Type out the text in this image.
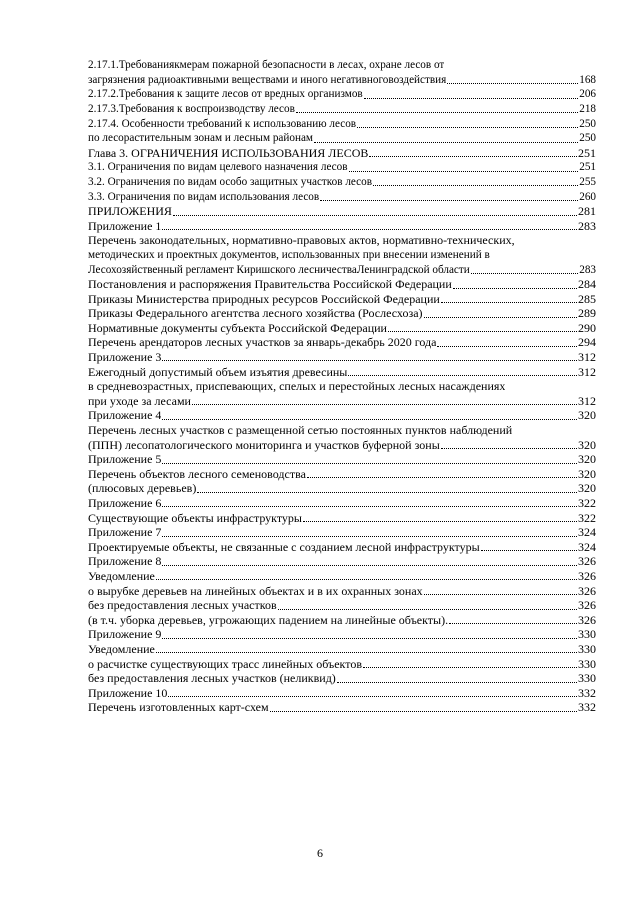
2.17.1.Требованиякмерам пожарной безопасности в лесах, охране лесов от
загрязнения радиоактивными веществами и иного негативноговоздействия	168
2.17.2.Требования к защите лесов от вредных организмов	206
2.17.3.Требования к воспроизводству лесов	218
2.17.4. Особенности требований к использованию лесов	250
по лесорастительным зонам и лесным районам	250
Глава 3. ОГРАНИЧЕНИЯ ИСПОЛЬЗОВАНИЯ ЛЕСОВ	251
3.1. Ограничения по видам целевого назначения лесов	251
3.2. Ограничения по видам особо защитных участков лесов	255
3.3. Ограничения по видам использования лесов	260
ПРИЛОЖЕНИЯ	281
Приложение 1	283
Перечень законодательных, нормативно-правовых актов, нормативно-технических,
методических и проектных документов, использованных при внесении изменений в
Лесохозяйственный регламент Киришского лесничестваЛенинградской области	283
Постановления и распоряжения Правительства Российской Федерации	284
Приказы Министерства природных ресурсов Российской Федерации	285
Приказы Федерального агентства лесного хозяйства (Рослесхоза)	289
Нормативные документы субъекта Российской Федерации	290
Перечень арендаторов лесных участков за январь-декабрь 2020 года	294
Приложение 3	312
Ежегодный допустимый объем изъятия древесины	312
в средневозрастных, приспевающих, спелых и перестойных лесных насаждениях
при уходе за лесами	312
Приложение 4	320
Перечень лесных участков с размещенной сетью постоянных пунктов наблюдений
(ППН) лесопатологического мониторинга и участков буферной зоны	320
Приложение 5	320
Перечень объектов лесного семеноводства	320
(плюсовых деревьев)	320
Приложение 6	322
Существующие объекты инфраструктуры	322
Приложение 7	324
Проектируемые объекты, не связанные с созданием лесной инфраструктуры	324
Приложение 8	326
Уведомление	326
о вырубке деревьев на линейных объектах и в их охранных зонах	326
без предоставления лесных участков	326
(в т.ч. уборка деревьев, угрожающих падением на линейные объекты).	326
Приложение 9	330
Уведомление	330
о расчистке существующих трасс линейных объектов	330
без предоставления лесных участков (неликвид)	330
Приложение 10	332
Перечень изготовленных карт-схем	332
6
